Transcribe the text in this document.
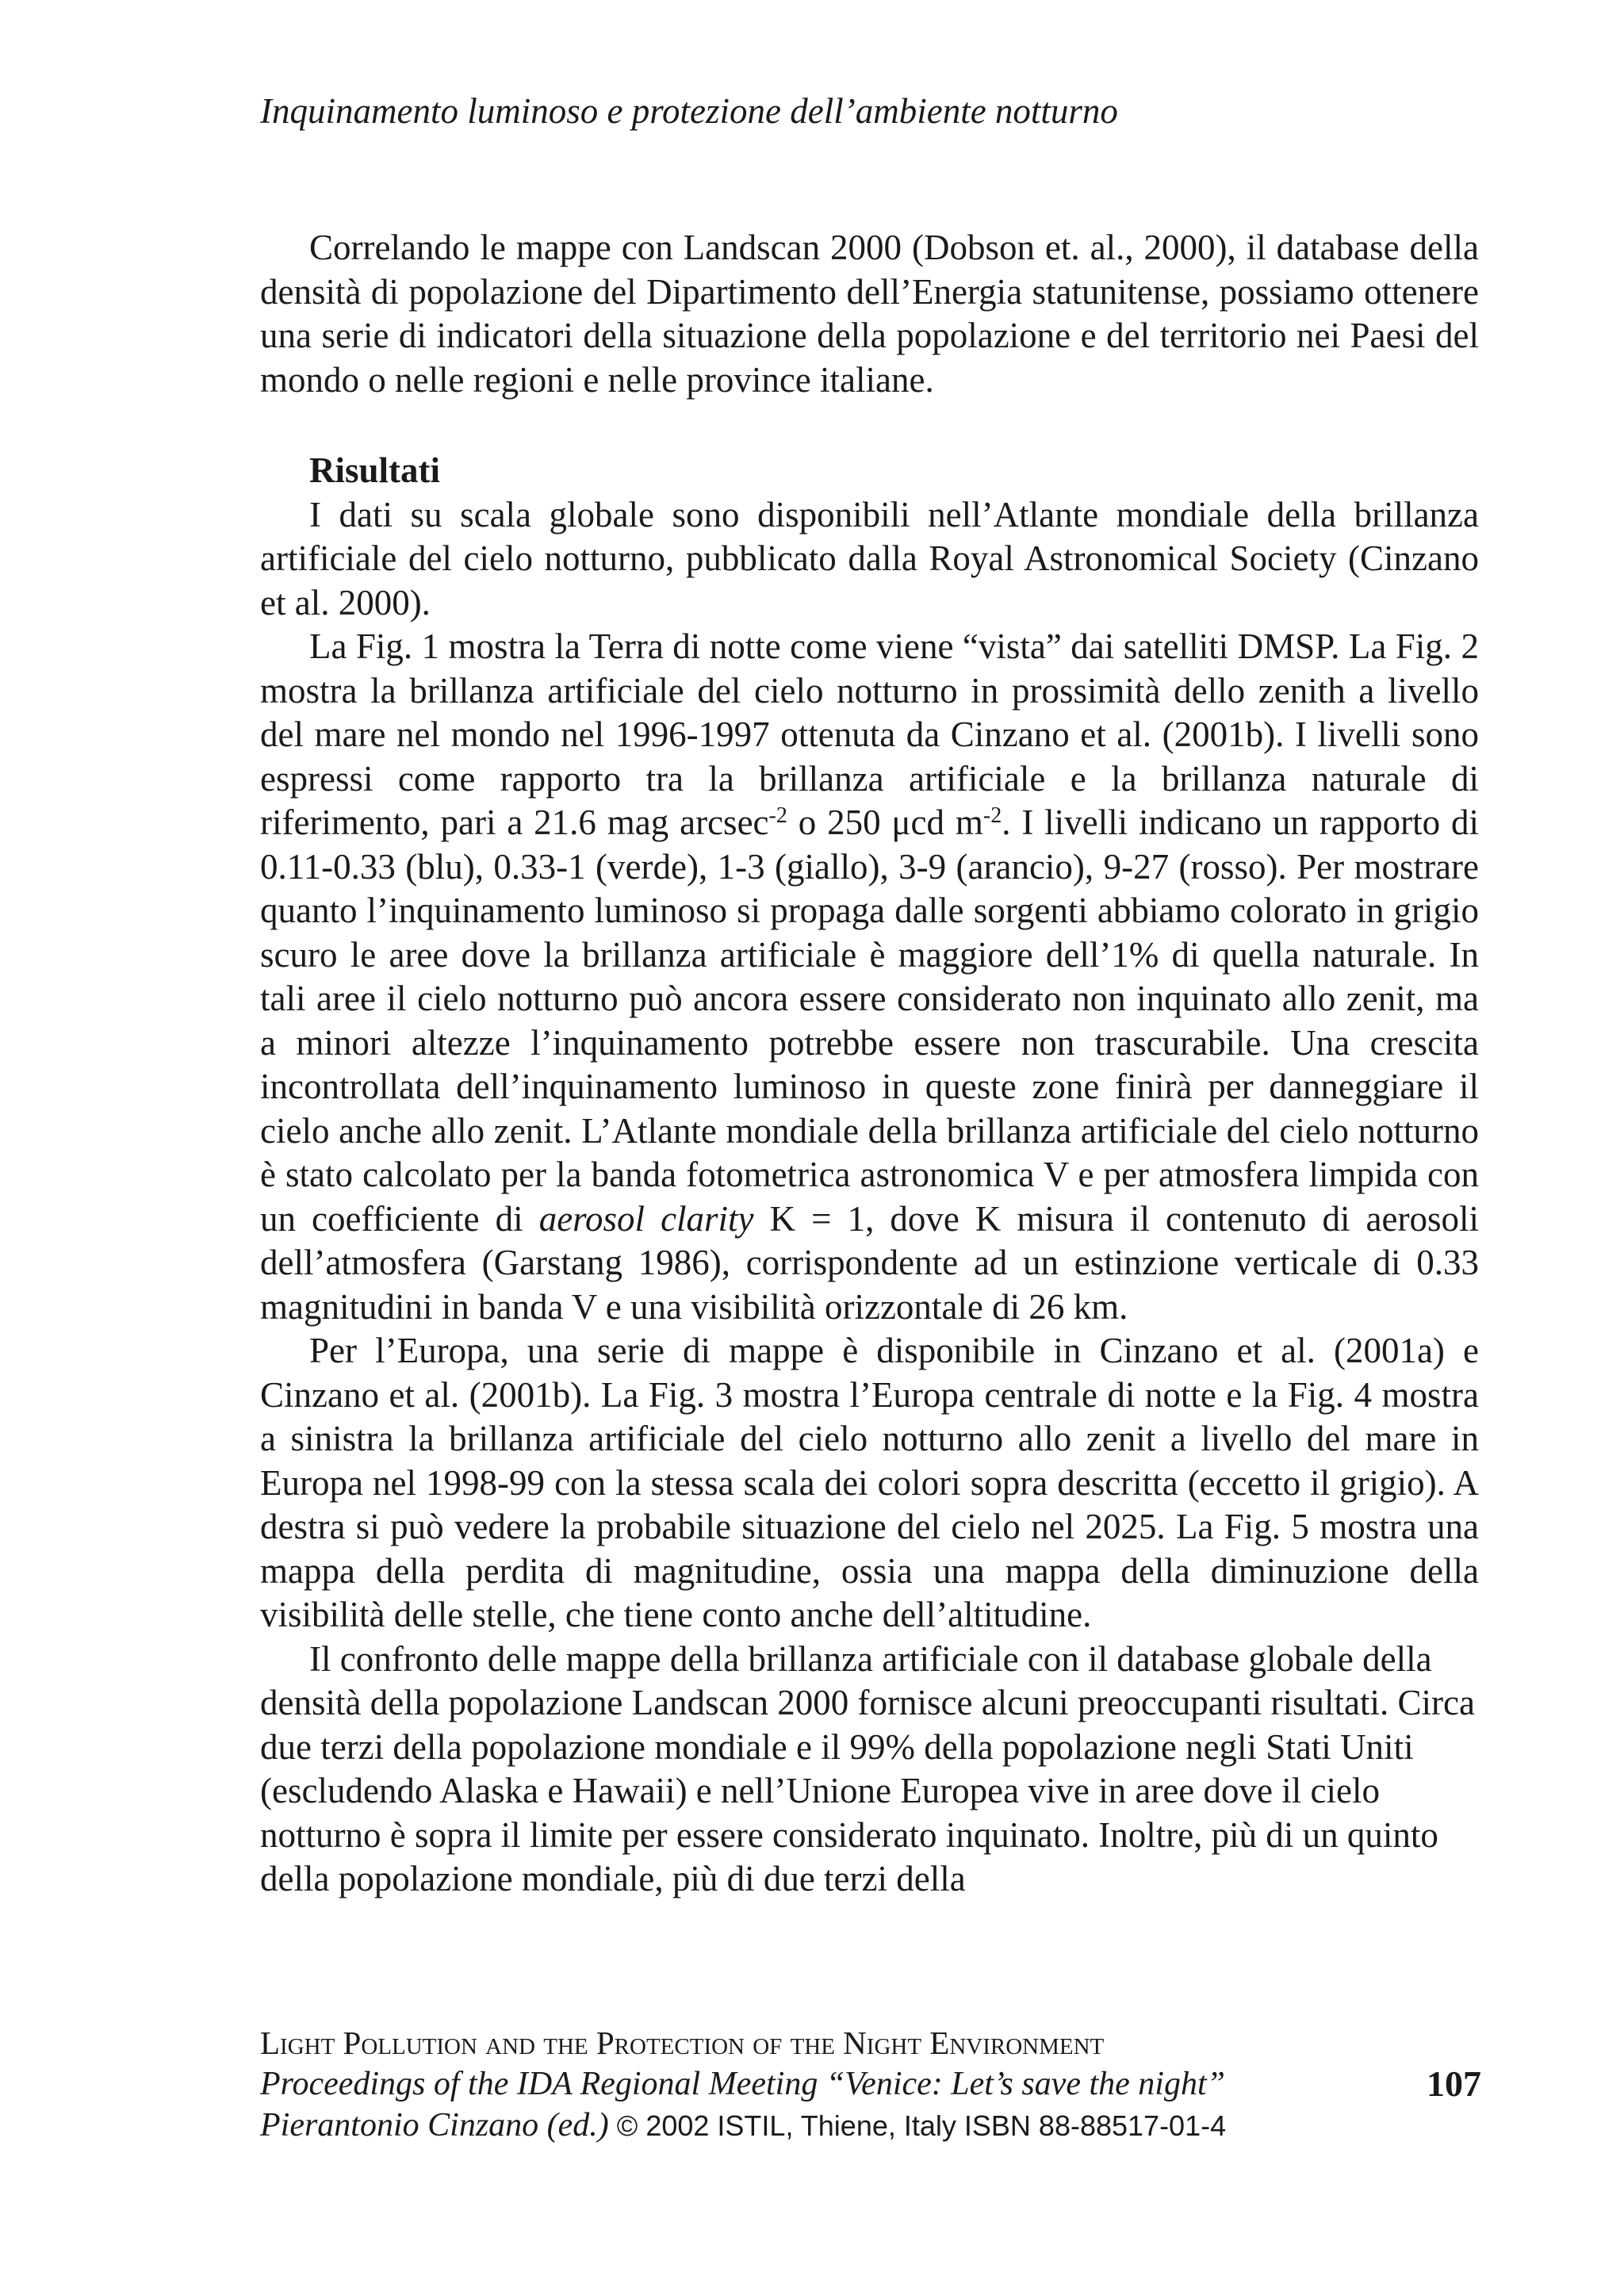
Inquinamento luminoso e protezione dell’ambiente notturno

Correlando le mappe con Landscan 2000 (Dobson et. al., 2000), il database della densità di popolazione del Dipartimento dell’Energia statunitense, possiamo ottenere una serie di indicatori della situazione della popolazione e del territorio nei Paesi del mondo o nelle regioni e nelle province italiane.

Risultati

I dati su scala globale sono disponibili nell’Atlante mondiale della brillanza artificiale del cielo notturno, pubblicato dalla Royal Astronomical Society (Cinzano et al. 2000).

La Fig. 1 mostra la Terra di notte come viene “vista” dai satelliti DMSP. La Fig. 2 mostra la brillanza artificiale del cielo notturno in prossimità dello zenith a livello del mare nel mondo nel 1996-1997 ottenuta da Cinzano et al. (2001b). I livelli sono espressi come rapporto tra la brillanza artificiale e la brillanza naturale di riferimento, pari a 21.6 mag arcsec$^{-2}$ o 250 μcd $m^{-2}$. I livelli indicano un rapporto di 0.11-0.33 (blu), 0.33-1 (verde), 1-3 (giallo), 3-9 (arancio), 9-27 (rosso). Per mostrare quanto l’inquinamento luminoso si propaga dalle sorgenti abbiamo colorato in grigio scuro le aree dove la brillanza artificiale è maggiore dell’1% di quella naturale. In tali aree il cielo notturno può ancora essere considerato non inquinato allo zenit, ma a minori altezze l’inquinamento potrebbe essere non trascurabile. Una crescita incontrollata dell’inquinamento luminoso in queste zone finirà per danneggiare il cielo anche allo zenit. L’Atlante mondiale della brillanza artificiale del cielo notturno è stato calcolato per la banda fotometrica astronomica V e per atmosfera limpida con un coefficiente di aerosol clarity K = 1, dove K misura il contenuto di aerosoli dell’atmosfera (Garstang 1986), corrispondente ad un estinzione verticale di 0.33 magnitudini in banda V e una visibilità orizzontale di 26 km.

Per l’Europa, una serie di mappe è disponibile in Cinzano et al. (2001a) e Cinzano et al. (2001b). La Fig. 3 mostra l’Europa centrale di notte e la Fig. 4 mostra a sinistra la brillanza artificiale del cielo notturno allo zenit a livello del mare in Europa nel 1998-99 con la stessa scala dei colori sopra descritta (eccetto il grigio). A destra si può vedere la probabile situazione del cielo nel 2025. La Fig. 5 mostra una mappa della perdita di magnitudine, ossia una mappa della diminuzione della visibilità delle stelle, che tiene conto anche dell’altitudine.

Il confronto delle mappe della brillanza artificiale con il database globale della densità della popolazione Landscan 2000 fornisce alcuni preoccupanti risultati. Circa due terzi della popolazione mondiale e il 99% della popolazione negli Stati Uniti (escludendo Alaska e Hawaii) e nell’Unione Europea vive in aree dove il cielo notturno è sopra il limite per essere considerato inquinato. Inoltre, più di un quinto della popolazione mondiale, più di due terzi della

Light Pollution and the Protection of the Night Environment
Proceedings of the IDA Regional Meeting “Venice: Let’s save the night”
Pierantonio Cinzano (ed.) © 2002 ISTIL, Thiene, Italy ISBN 88-88517-01-4
107
